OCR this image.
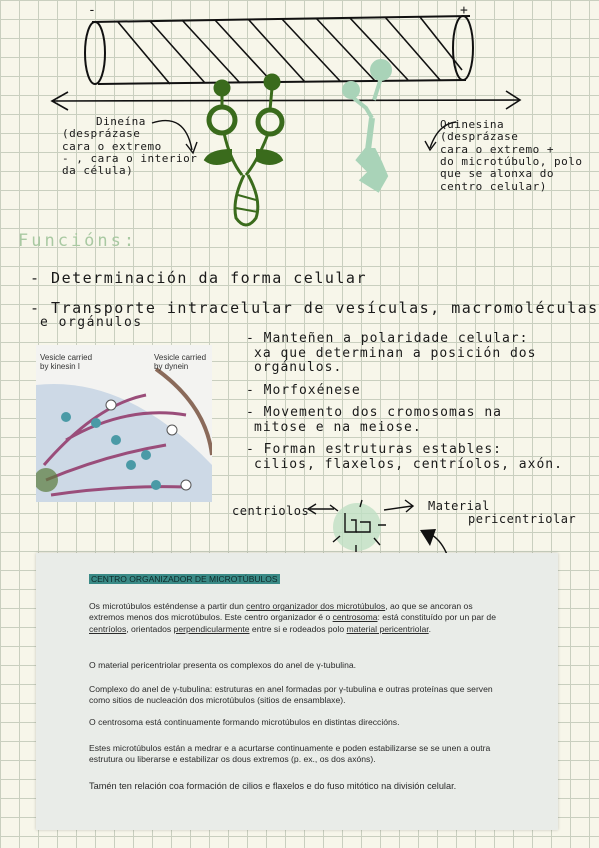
-	+
Dineína
(desprázase
cara o extremo
- , cara o interior
da célula)
Quinesina
(desprázase
cara o extremo +
do microtúbulo, polo
que se alonxa do
centro celular)
Funcións:
- Determinación da forma celular
- Transporte intracelular de vesículas, macromoléculas
e orgánulos
- Manteñen a polaridade celular:
xa que determinan a posición dos
orgánulos.
- Morfoxénese
- Movemento dos cromosomas na
mitose e na meiose.
- Forman estruturas estables:
cilios, flaxelos, centríolos, axón.
Vesicle carried
by kinesin I
Vesicle carried
by dynein
centriolos	Material
pericentriolar
CENTRO ORGANIZADOR DE MICROTÚBULOS

Os microtúbulos esténdense a partir dun centro organizador dos microtúbulos, ao que se ancoran os extremos menos dos microtúbulos. Este centro organizador é o centrosoma: está constituído por un par de centríolos, orientados perpendicularmente entre si e rodeados polo material pericentriolar.

O material pericentriolar presenta os complexos do anel de γ-tubulina.

Complexo do anel de γ-tubulina: estruturas en anel formadas por γ-tubulina e outras proteínas que serven como sitios de nucleación dos microtúbulos (sitios de ensamblaxe).

O centrosoma está continuamente formando microtúbulos en distintas direccións.

Estes microtúbulos están a medrar e a acurtarse continuamente e poden estabilizarse se se unen a outra estrutura ou liberarse e estabilizar os dous extremos (p. ex., os dos axóns).

Tamén ten relación coa formación de cilios e flaxelos e do fuso mitótico na división celular.
